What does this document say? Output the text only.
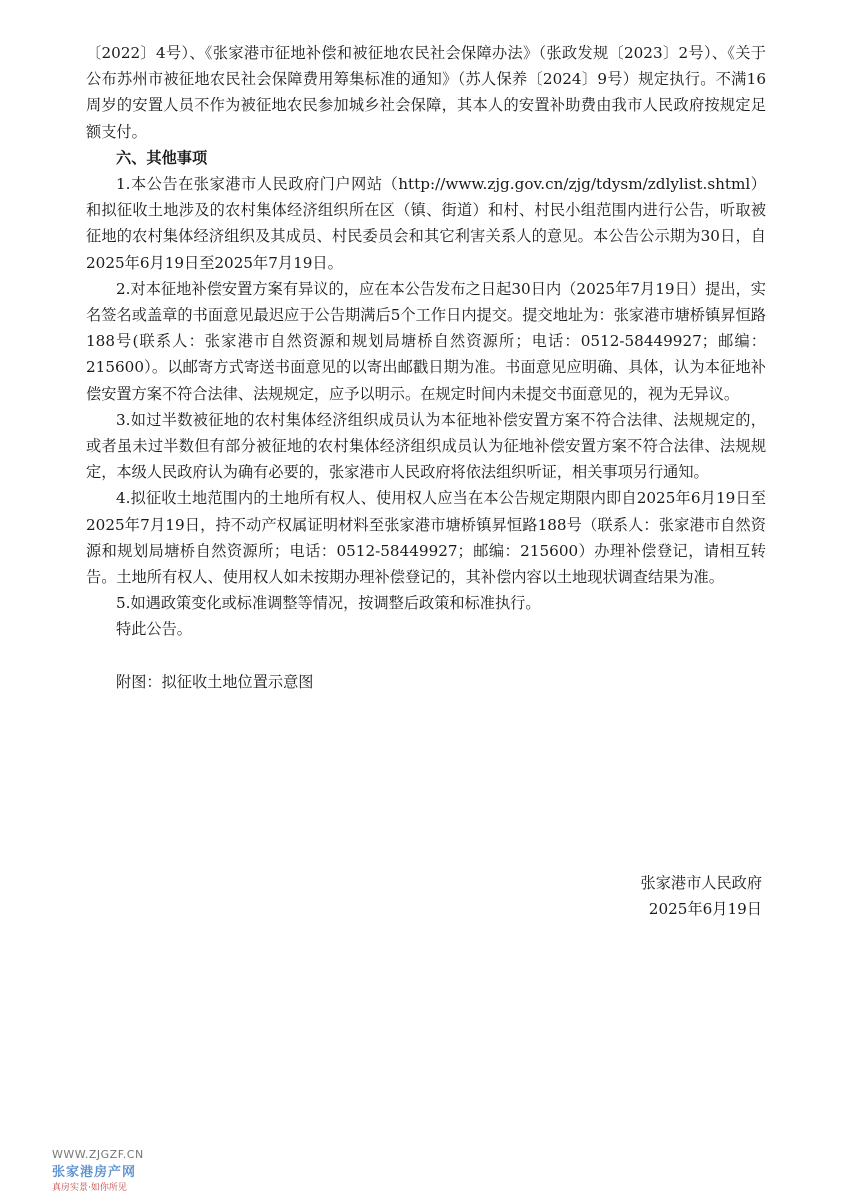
〔2022〕4号）、《张家港市征地补偿和被征地农民社会保障办法》（张政发规〔2023〕2号）、《关于公布苏州市被征地农民社会保障费用筹集标准的通知》（苏人保养〔2024〕9号）规定执行。不满16周岁的安置人员不作为被征地农民参加城乡社会保障，其本人的安置补助费由我市人民政府按规定足额支付。

六、其他事项

1.本公告在张家港市人民政府门户网站（http://www.zjg.gov.cn/zjg/tdysm/zdlylist.shtml）和拟征收土地涉及的农村集体经济组织所在区（镇、街道）和村、村民小组范围内进行公告，听取被征地的农村集体经济组织及其成员、村民委员会和其它利害关系人的意见。本公告公示期为30日，自2025年6月19日至2025年7月19日。

2.对本征地补偿安置方案有异议的，应在本公告发布之日起30日内（2025年7月19日）提出，实名签名或盖章的书面意见最迟应于公告期满后5个工作日内提交。提交地址为：张家港市塘桥镇昇恒路188号(联系人：张家港市自然资源和规划局塘桥自然资源所；电话：0512-58449927；邮编：215600）。以邮寄方式寄送书面意见的以寄出邮戳日期为准。书面意见应明确、具体，认为本征地补偿安置方案不符合法律、法规规定，应予以明示。在规定时间内未提交书面意见的，视为无异议。

3.如过半数被征地的农村集体经济组织成员认为本征地补偿安置方案不符合法律、法规规定的，或者虽未过半数但有部分被征地的农村集体经济组织成员认为征地补偿安置方案不符合法律、法规规定，本级人民政府认为确有必要的，张家港市人民政府将依法组织听证，相关事项另行通知。

4.拟征收土地范围内的土地所有权人、使用权人应当在本公告规定期限内即自2025年6月19日至2025年7月19日，持不动产权属证明材料至张家港市塘桥镇昇恒路188号（联系人：张家港市自然资源和规划局塘桥自然资源所；电话：0512-58449927；邮编：215600）办理补偿登记，请相互转告。土地所有权人、使用权人如未按期办理补偿登记的，其补偿内容以土地现状调查结果为准。

5.如遇政策变化或标准调整等情况，按调整后政策和标准执行。

特此公告。

附图：拟征收土地位置示意图

张家港市人民政府
2025年6月19日
WWW.ZJGZF.CN
张家港房产网
真房实景·如你所见
